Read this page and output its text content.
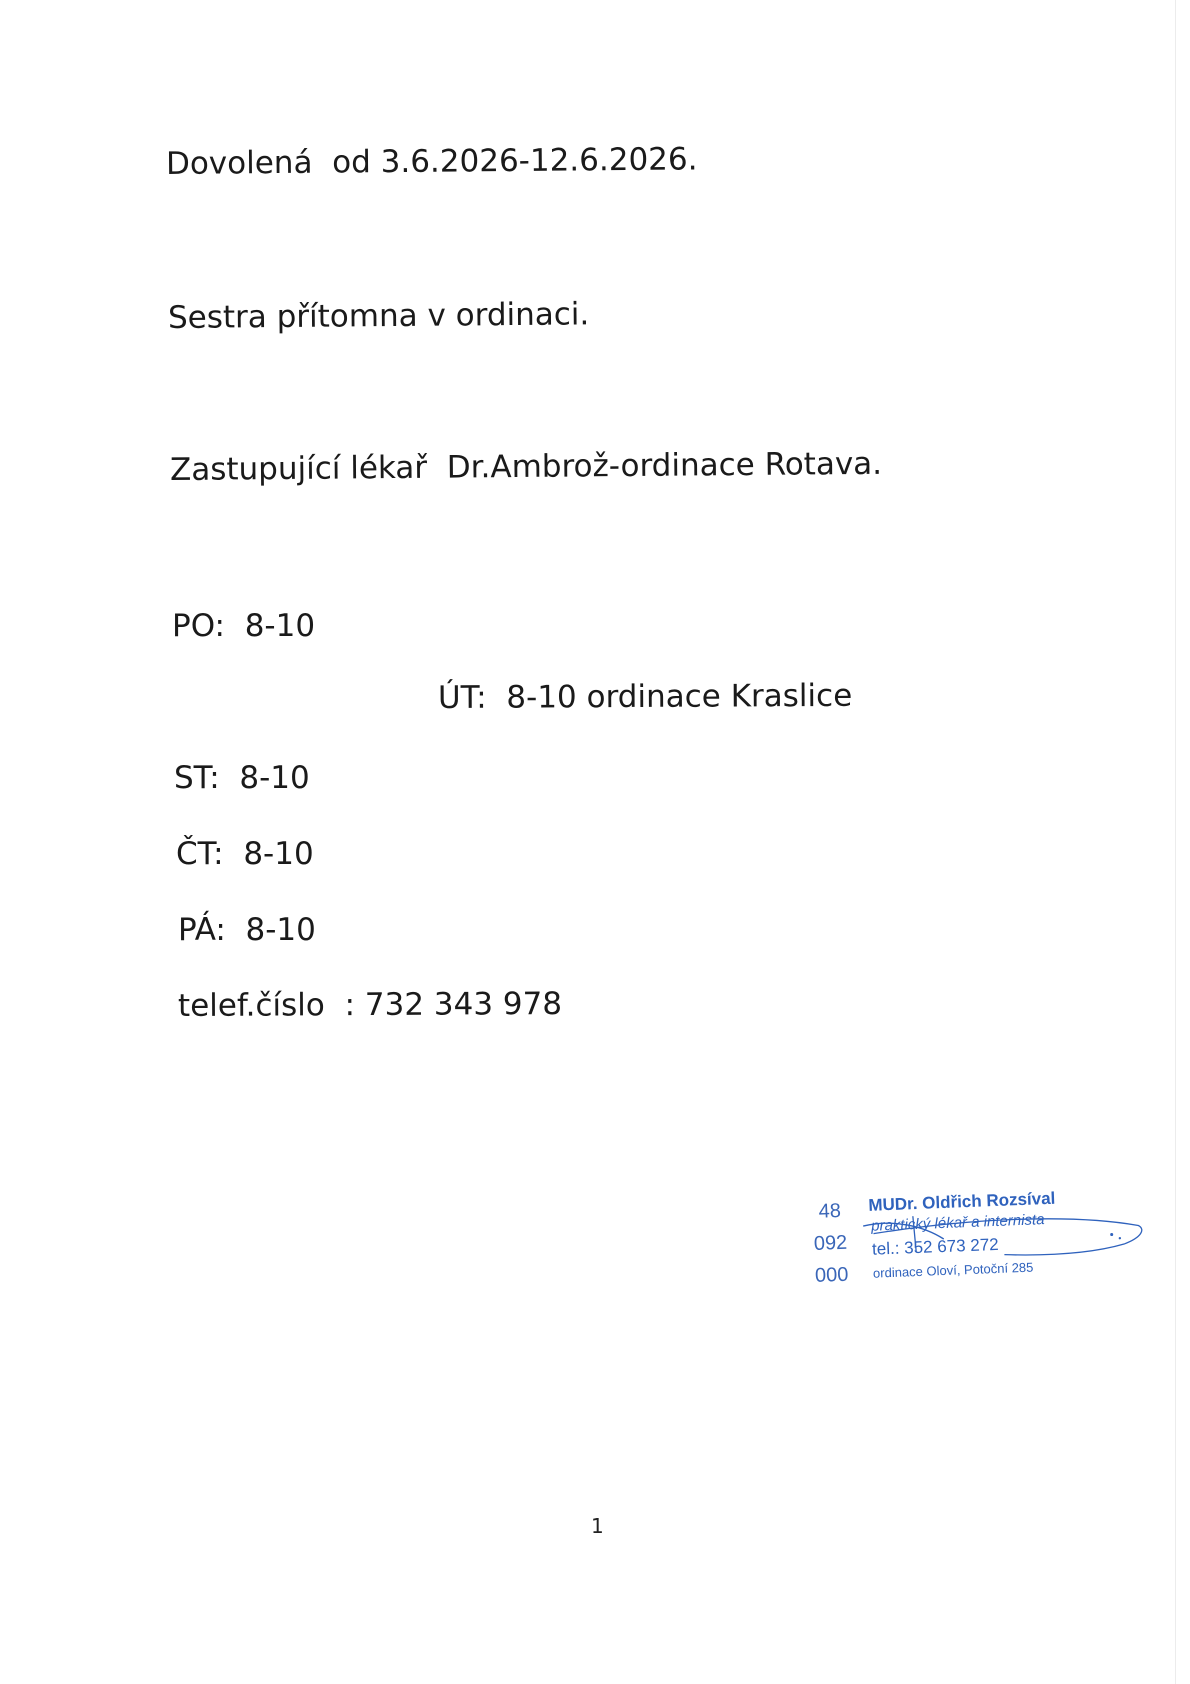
Dovolená  od 3.6.2026-12.6.2026.
Sestra přítomna v ordinaci.
Zastupující lékař  Dr.Ambrož-ordinace Rotava.
PO:  8-10
ÚT:  8-10 ordinace Kraslice
ST:  8-10
ČT:  8-10
PÁ:  8-10
telef.číslo  : 732 343 978
48
092
000
MUDr. Oldřich Rozsíval
praktický lékař a internista
tel.: 352 673 272
ordinace Oloví, Potoční 285
1
